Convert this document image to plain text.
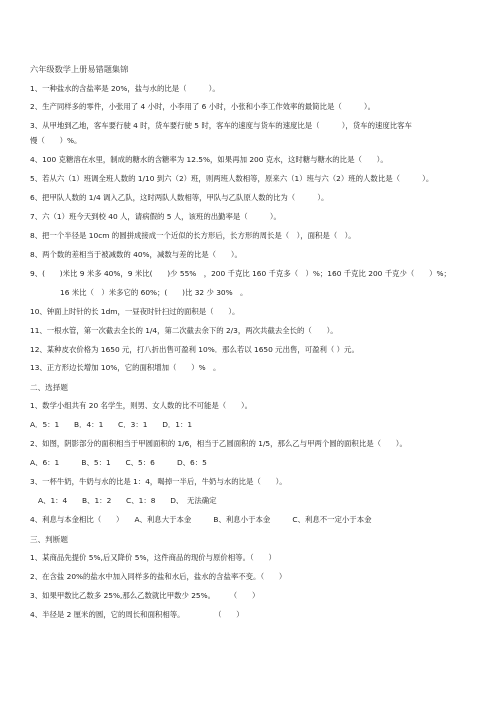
六年级数学上册易错题集锦
1、一种盐水的含盐率是 20%，盐与水的比是（　　　）。
2、生产同样多的零件，小张用了 4 小时，小李用了 6 小时，小张和小李工作效率的最简比是（　　　）。
3、从甲地到乙地，客车要行驶 4 时，货车要行驶 5 时，客车的速度与货车的速度比是（　　　），货车的速度比客车
慢（　　）%。
4、100 克糖溶在水里，制成的糖水的含糖率为 12.5%，如果再加 200 克水，这时糖与糖水的比是（　　）。
5、若从六（1）班调全班人数的 1/10 到六（2）班，则两班人数相等，原来六（1）班与六（2）班的人数比是（　　　）。
6、把甲队人数的 1/4 调入乙队，这时两队人数相等，甲队与乙队原人数的比为（　　　）。
7、六（1）班今天到校 40 人，请病假的 5 人，该班的出勤率是（　　　）。
8、把一个半径是 10cm 的圆拼成接成一个近似的长方形后，长方形的周长是（　），面积是（　）。
8、两个数的差相当于被减数的 40%，减数与差的比是（　　）。
9、(　　)米比 9 米多 40%，9 米比(　　)少 55%　，200 千克比 160 千克多（　）%；160 千克比 200 千克少（　　）%；
16 米比（　）米多它的 60%；(　　)比 32 少 30%　。
10、钟面上时针的长 1dm，一昼夜时针扫过的面积是（　　）。
11、一根水管，第一次截去全长的 1/4，第二次截去余下的 2/3，两次共截去全长的（　　）。
12、某种皮衣价格为 1650 元，打八折出售可盈利 10%．那么若以 1650 元出售，可盈利（ ）元。
13、正方形边长增加 10%，它的面积增加（　　）%　。
二、选择题
1、数学小组共有 20 名学生，则男、女人数的比不可能是（　　）。
A．5：1　　B．4：1　　C．3：1　　D．1：1
2、如图，阴影部分的面积相当于甲圆面积的 1/6，相当于乙圆面积的 1/5，那么乙与甲两个圆的面积比是（　　）。
A、6：1　　　B、5：1　　C、5：6　　　D、6：5
3、一杯牛奶，牛奶与水的比是 1：4，喝掉一半后，牛奶与水的比是（　　）。
A、1：4　　B、1：2　　C、1：8　　D、　无法确定
4、利息与本金相比（　　）　　A、利息大于本金　　　B、利息小于本金　　　C、利息不一定小于本金
三、判断题
1、某商品先提价 5%,后又降价 5%，这件商品的现价与原价相等。（　　）
2、在含盐 20%的盐水中加入同样多的盐和水后，盐水的含盐率不变。（　　）
3、如果甲数比乙数多 25%,那么乙数就比甲数少 25%。　　　（　　）
4、半径是 2 厘米的圆，它的周长和面积相等。　　　　　（　　）
